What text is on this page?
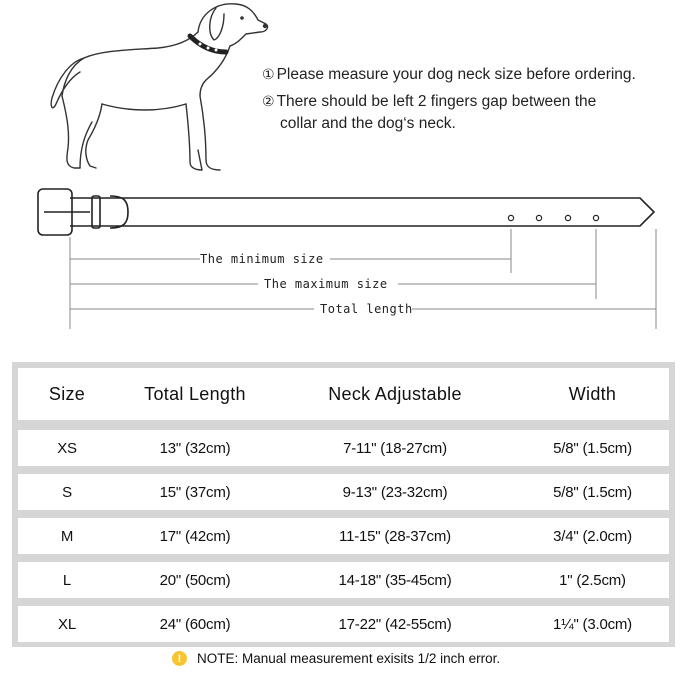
① Please measure your dog neck size before ordering.
② There should be left 2 fingers gap between the
collar and the dog‘s neck.
The minimum size
The maximum size
Total length
Size	Total Length	Neck Adjustable	Width
XS	13" (32cm)	7-11" (18-27cm)	5/8" (1.5cm)
S	15" (37cm)	9-13" (23-32cm)	5/8" (1.5cm)
M	17" (42cm)	11-15" (28-37cm)	3/4" (2.0cm)
L	20" (50cm)	14-18" (35-45cm)	1" (2.5cm)
XL	24" (60cm)	17-22" (42-55cm)	1¼" (3.0cm)
!	NOTE: Manual measurement exisits 1/2 inch error.
